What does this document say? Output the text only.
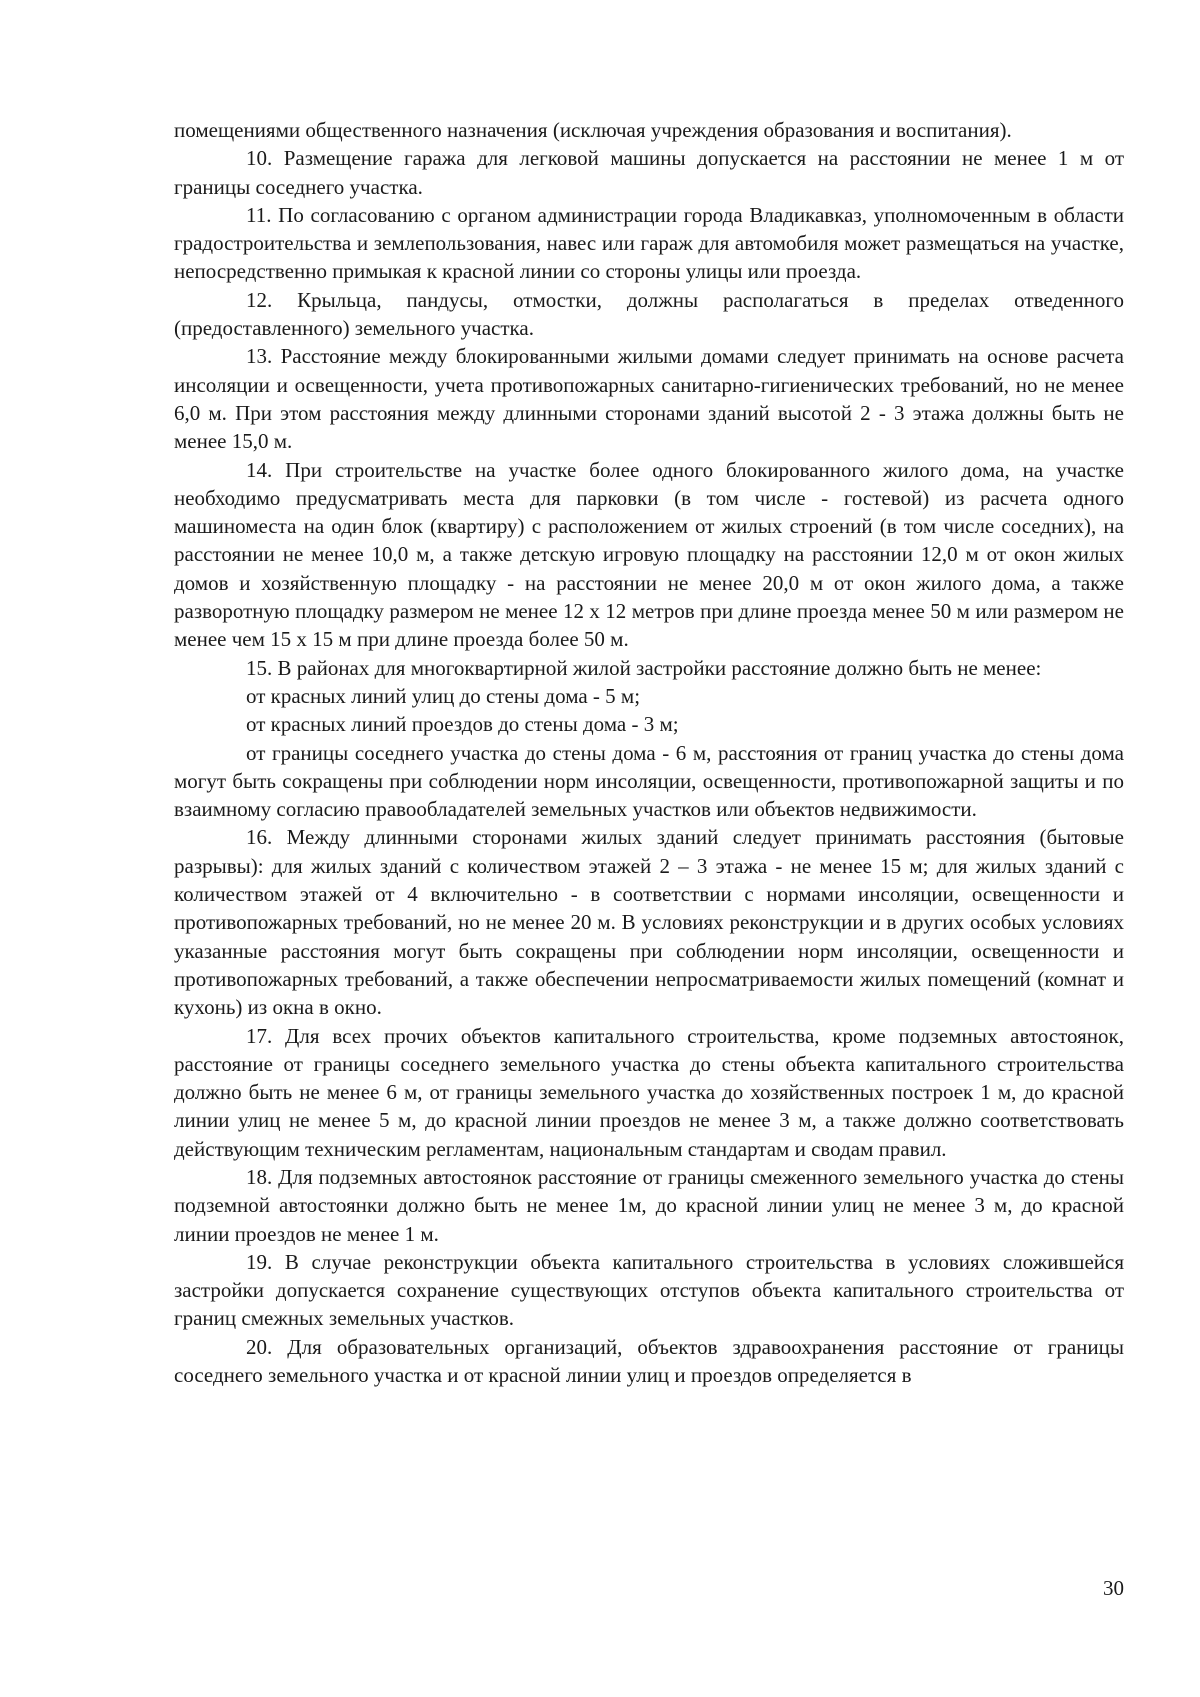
помещениями общественного назначения (исключая учреждения образования и воспитания).

10. Размещение гаража для легковой машины допускается на расстоянии не менее 1 м от границы соседнего участка.

11. По согласованию с органом администрации города Владикавказ, уполномоченным в области градостроительства и землепользования, навес или гараж для автомобиля может размещаться на участке, непосредственно примыкая к красной линии со стороны улицы или проезда.

12. Крыльца, пандусы, отмостки, должны располагаться в пределах отведенного (предоставленного) земельного участка.

13. Расстояние между блокированными жилыми домами следует принимать на основе расчета инсоляции и освещенности, учета противопожарных санитарно-гигиенических требований, но не менее 6,0 м. При этом расстояния между длинными сторонами зданий высотой 2 - 3 этажа должны быть не менее 15,0 м.

14. При строительстве на участке более одного блокированного жилого дома, на участке необходимо предусматривать места для парковки (в том числе - гостевой) из расчета одного машиноместа на один блок (квартиру) с расположением от жилых строений (в том числе соседних), на расстоянии не менее 10,0 м, а также детскую игровую площадку на расстоянии 12,0 м от окон жилых домов и хозяйственную площадку - на расстоянии не менее 20,0 м от окон жилого дома, а также разворотную площадку размером не менее 12 х 12 метров при длине проезда менее 50 м или размером не менее чем 15 х 15 м при длине проезда более 50 м.

15. В районах для многоквартирной жилой застройки расстояние должно быть не менее:

от красных линий улиц до стены дома - 5 м;

от красных линий проездов до стены дома - 3 м;

от границы соседнего участка до стены дома - 6 м, расстояния от границ участка до стены дома могут быть сокращены при соблюдении норм инсоляции, освещенности, противопожарной защиты и по взаимному согласию правообладателей земельных участков или объектов недвижимости.

16. Между длинными сторонами жилых зданий следует принимать расстояния (бытовые разрывы): для жилых зданий с количеством этажей 2 – 3 этажа - не менее 15 м; для жилых зданий с количеством этажей от 4 включительно - в соответствии с нормами инсоляции, освещенности и противопожарных требований, но не менее 20 м. В условиях реконструкции и в других особых условиях указанные расстояния могут быть сокращены при соблюдении норм инсоляции, освещенности и противопожарных требований, а также обеспечении непросматриваемости жилых помещений (комнат и кухонь) из окна в окно.

17. Для всех прочих объектов капитального строительства, кроме подземных автостоянок, расстояние от границы соседнего земельного участка до стены объекта капитального строительства должно быть не менее 6 м, от границы земельного участка до хозяйственных построек 1 м, до красной линии улиц не менее 5 м, до красной линии проездов не менее 3 м, а также должно соответствовать действующим техническим регламентам, национальным стандартам и сводам правил.

18. Для подземных автостоянок расстояние от границы смеженного земельного участка до стены подземной автостоянки должно быть не менее 1м, до красной линии улиц не менее 3 м, до красной линии проездов не менее 1 м.

19. В случае реконструкции объекта капитального строительства в условиях сложившейся застройки допускается сохранение существующих отступов объекта капитального строительства от границ смежных земельных участков.

20. Для образовательных организаций, объектов здравоохранения расстояние от границы соседнего земельного участка и от красной линии улиц и проездов определяется в

30
